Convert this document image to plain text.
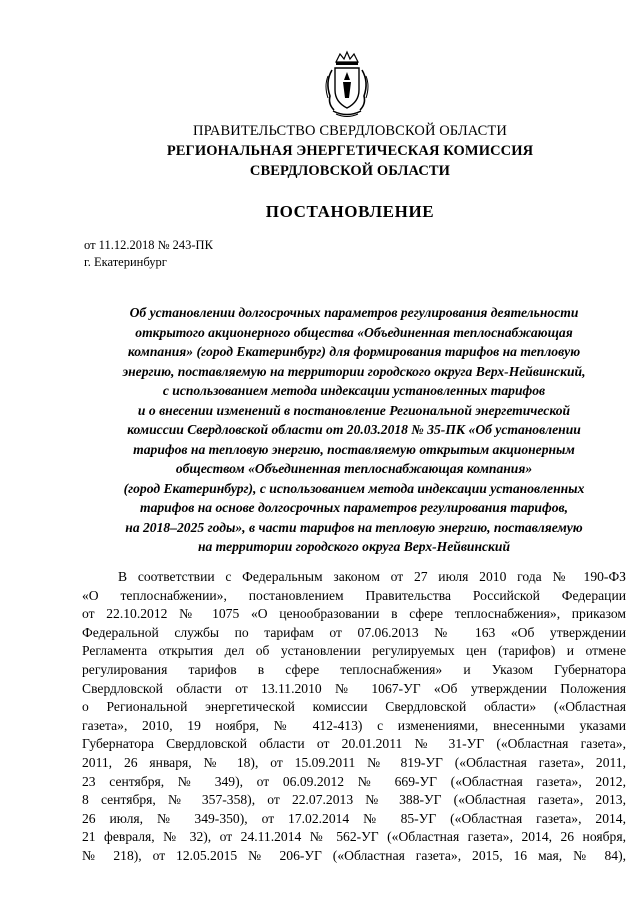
ПРАВИТЕЛЬСТВО СВЕРДЛОВСКОЙ ОБЛАСТИ
РЕГИОНАЛЬНАЯ ЭНЕРГЕТИЧЕСКАЯ КОМИССИЯ
СВЕРДЛОВСКОЙ ОБЛАСТИ
ПОСТАНОВЛЕНИЕ
от 11.12.2018 № 243-ПК
г. Екатеринбург
Об установлении долгосрочных параметров регулирования деятельности
открытого акционерного общества «Объединенная теплоснабжающая
компания» (город Екатеринбург) для формирования тарифов на тепловую
энергию, поставляемую на территории городского округа Верх-Нейвинский,
с использованием метода индексации установленных тарифов
и о внесении изменений в постановление Региональной энергетической
комиссии Свердловской области от 20.03.2018 № 35-ПК «Об установлении
тарифов на тепловую энергию, поставляемую открытым акционерным
обществом «Объединенная теплоснабжающая компания»
(город Екатеринбург), с использованием метода индексации установленных
тарифов на основе долгосрочных параметров регулирования тарифов,
на 2018–2025 годы», в части тарифов на тепловую энергию, поставляемую
на территории городского округа Верх-Нейвинский
В соответствии с Федеральным законом от 27 июля 2010 года № 190-ФЗ
«О теплоснабжении», постановлением Правительства Российской Федерации
от 22.10.2012 № 1075 «О ценообразовании в сфере теплоснабжения», приказом
Федеральной службы по тарифам от 07.06.2013 № 163 «Об утверждении
Регламента открытия дел об установлении регулируемых цен (тарифов) и отмене
регулирования тарифов в сфере теплоснабжения» и Указом Губернатора
Свердловской области от 13.11.2010 № 1067-УГ «Об утверждении Положения
о Региональной энергетической комиссии Свердловской области» («Областная
газета», 2010, 19 ноября, № 412-413) с изменениями, внесенными указами
Губернатора Свердловской области от 20.01.2011 № 31-УГ («Областная газета»,
2011, 26 января, № 18), от 15.09.2011 № 819-УГ («Областная газета», 2011,
23 сентября, № 349), от 06.09.2012 № 669-УГ («Областная газета», 2012,
8 сентября, № 357-358), от 22.07.2013 № 388-УГ («Областная газета», 2013,
26 июля, № 349-350), от 17.02.2014 № 85-УГ («Областная газета», 2014,
21 февраля, № 32), от 24.11.2014 № 562-УГ («Областная газета», 2014, 26 ноября,
№ 218), от 12.05.2015 № 206-УГ («Областная газета», 2015, 16 мая, № 84),
